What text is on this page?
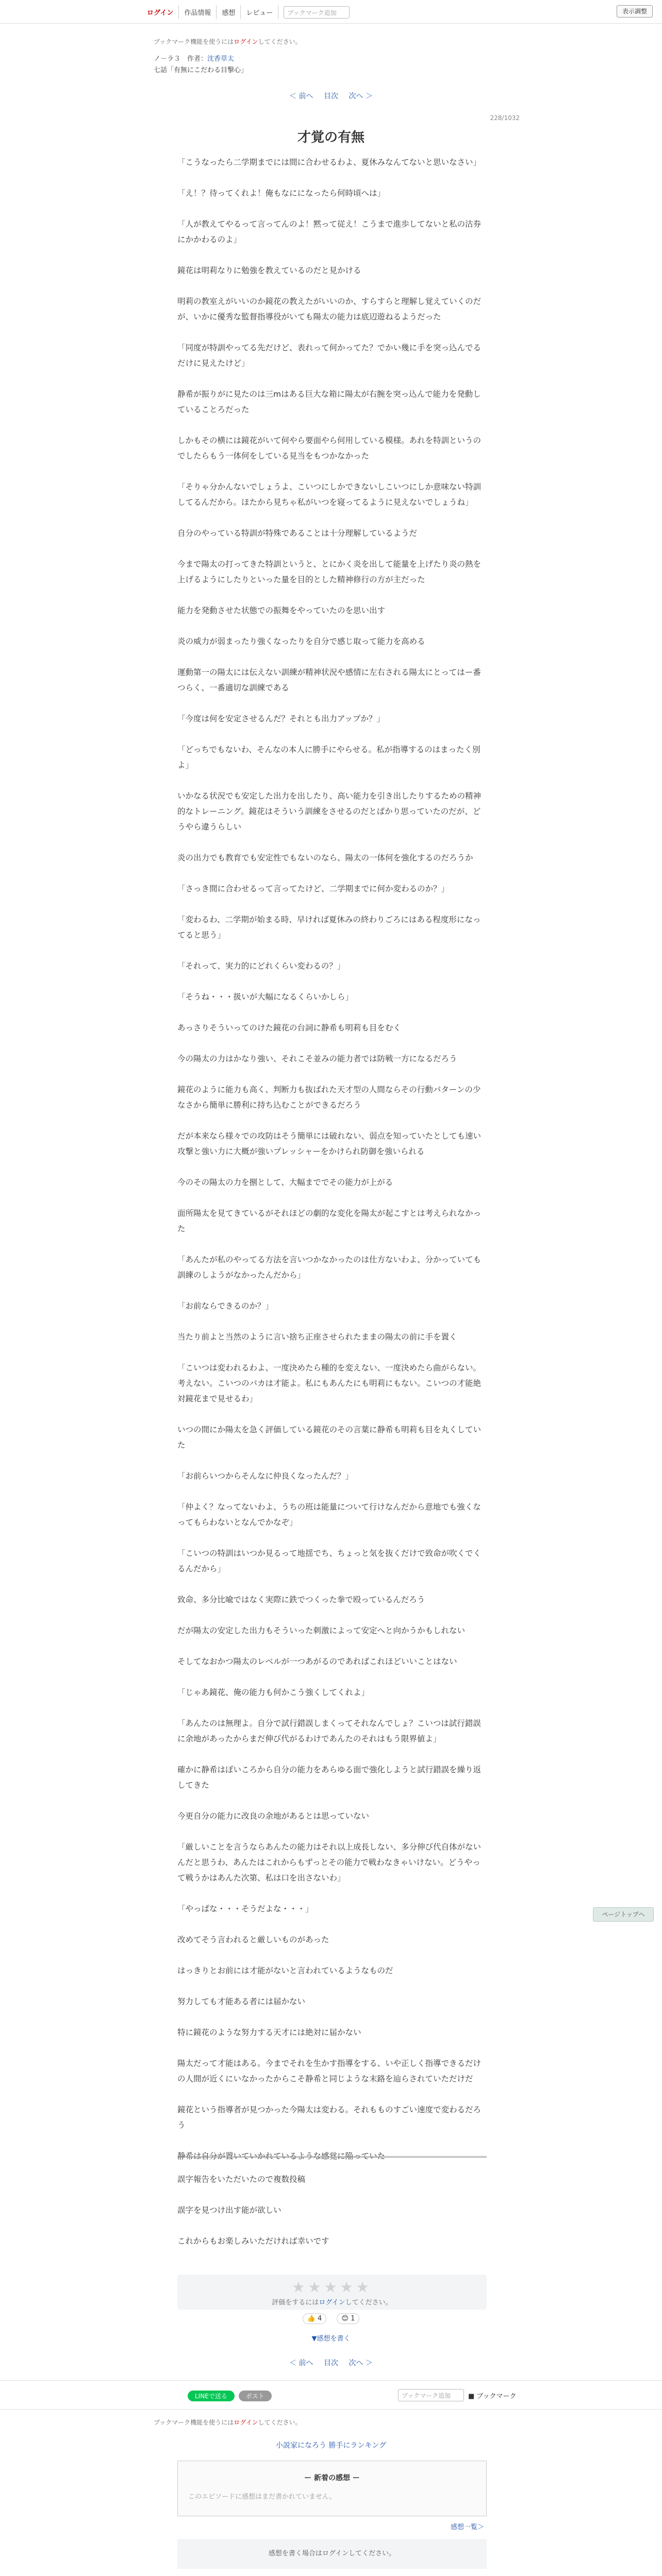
ログイン	作品情報	感想	レビュー	ブックマーク追加	表示調整
ブックマーク機能を使うにはログインしてください。
ノ－ラ３　作者：沈香草太
七話「有無にこだわる目撃心」
＜ 前へ 目次 次へ ＞
228/1032
才覚の有無

「こうなったら二学期までには間に合わせるわよ、夏休みなんてないと思いなさい」

「え！？待ってくれよ！俺もなにになったら何時頃へは」

「人が教えてやるって言ってんのよ！黙って従え！こうまで進歩してないと私の沽券にかかわるのよ」

鏡花は明莉なりに勉強を教えているのだと見かける

明莉の教室えがいいのか鏡花の教えたがいいのか、すらすらと理解し覚えていくのだが、いかに優秀な監督指導役がいても陽太の能力は底辺遊ねるようだった

「同度が特訓やってる先だけど、表れって何かってた？でかい幾に手を突っ込んでるだけに見えたけど」

静希が振りがに見たのは三mはある巨大な箱に陽太が右腕を突っ込んで能力を発動していることろだった

しかもその横には鏡花がいて何やら要面やら何用している模様。あれを特訓というのでしたらもう一体何をしている見当をもつかなかった

「そりゃ分かんないでしょうよ、こいつにしかできないしこいつにしか意味ない特訓してるんだから。ほたから見ちゃ私がいつを寝ってるように見えないでしょうね」

自分のやっている特訓が特殊であることは十分理解しているようだ

今まで陽太の打ってきた特訓というと、とにかく炎を出して能量を上げたり炎の熱を上げるようにしたりといった量を目的とした精神修行の方が主だった

能力を発動させた状態での振舞をやっていたのを思い出す

炎の威力が弱まったり強くなったりを自分で感じ取って能力を高める

運動第一の陽太には伝えない訓練が精神状況や感情に左右される陽太にとってはー番つらく、一番適切な訓練である

「今度は何を安定させるんだ？それとも出力アップか？」

「どっちでもないわ、そんなの本人に勝手にやらせる。私が指導するのはまったく別よ」

いかなる状況でも安定した出力を出したり、高い能力を引き出したりするための精神的なトレーニング。鏡花はそういう訓練をさせるのだとばかり思っていたのだが、どうやら違うらしい

炎の出力でも教育でも安定性でもないのなら、陽太の一体何を強化するのだろうか

「さっき間に合わせるって言ってたけど、二学期までに何か変わるのか？」

「変わるわ、二学期が始まる時、早ければ夏休みの終わりごろにはある程度形になってると思う」

「それって、実力的にどれくらい変わるの？」

「そうね・・・扱いが大幅になるくらいかしら」

あっさりそういってのけた鏡花の台詞に静希も明莉も目をむく

今の陽太の力はかなり強い、それこそ並みの能力者では防戦一方になるだろう

鏡花のように能力も高く、判断力も抜ばれた天才型の人間ならその行動パターンの少なさから簡単に勝利に持ち込むことができるだろう

だが本来なら様々での攻防はそう簡単には破れない、弱点を知っていたとしても速い攻撃と強い力に大概が強いプレッシャーをかけられ防御を強いられる

今のその陽太の力を捌として、大幅まででその能力が上がる

面所陽太を見てきているがそれほどの劇的な変化を陽太が起こすとは考えられなかった

「あんたが私のやってる方法を言いつかなかったのは仕方ないわよ、分かっていても訓練のしようがなかったんだから」

「お前ならできるのか？」

当たり前よと当然のように言い捨ち正座させられたままの陽太の前に手を置く

「こいつは変われるわよ、一度決めたら種的を変えない、一度決めたら曲がらない。考えない。こいつのバカは才能よ。私にもあんたにも明莉にもない。こいつの才能絶対鏡花まで見せるわ」

いつの間にか陽太を急く評価している鏡花のその言葉に静希も明莉も目を丸くしていた

「お前らいつからそんなに仲良くなったんだ？」

「仲よく？なってないわよ、うちの班は能量について行けなんだから意地でも強くなってもらわないとなんでかなぞ」

「こいつの特訓はいつか見るって地揺でち、ちょっと気を抜くだけで致命が吹くでくるんだから」

致命、多分比喩ではなく実際に鉄でつくった拳で殴っているんだろう

だが陽太の安定した出力もそういった刺激によって安定へと向かうかもしれない

そしてなおかつ陽太のレベルが一つあがるのであればこれほどいいことはない

「じゃあ鏡花、俺の能力も何かこう強くしてくれよ」

「あんたのは無理よ。自分で試行錯誤しまくってそれなんでしょ？こいつは試行錯誤に余地があったからまだ伸び代がるわけであんたのそれはもう限界値よ」

確かに静希はぽいころから自分の能力をあらゆる面で強化しようと試行錯誤を繰り返してきた

今更自分の能力に改良の余地があるとは思っていない

「厳しいことを言うならあんたの能力はそれ以上成長しない、多分伸び代自体がないんだと思うわ、あんたはこれからもずっとその能力で戦わなきゃいけない。どうやって戦うかはあんた次第、私は口を出さないわ」

「やっぱな・・・そうだよな・・・」

改めてそう言われると厳しいものがあった

はっきりとお前には才能がないと言われているようなものだ

努力しても才能ある者には届かない

特に鏡花のような努力する天才には絶対に届かない

陽太だって才能はある。今までそれを生かす指導をする、いや正しく指導できるだけの人間が近くにいなかったからこそ静希と同じような末路を辿らされていただけだ

鏡花という指導者が見つかった今陽太は変わる。それもものすごい速度で変わるだろう

静希は自分が置いていかれているような感覚に陥っていた

誤字報告をいただいたので複数投稿

誤字を見つけ出す能が欲しい

これからもお楽しみいただければ幸いです

★★★★★
評価をするにはログインしてください。
👍 4	😊 1
▼感想を書く
＜ 前へ 目次 次へ ＞
LINEで送る	ポスト	ブックマーク追加	■ ブックマーク
ブックマーク機能を使うにはログインしてください。
小説家になろう 勝手にランキング
ー 新着の感想 ー
このエピソードに感想はまだ書かれていません。
感想一覧＞
感想を書く場合はログインしてください。
ページトップへ
